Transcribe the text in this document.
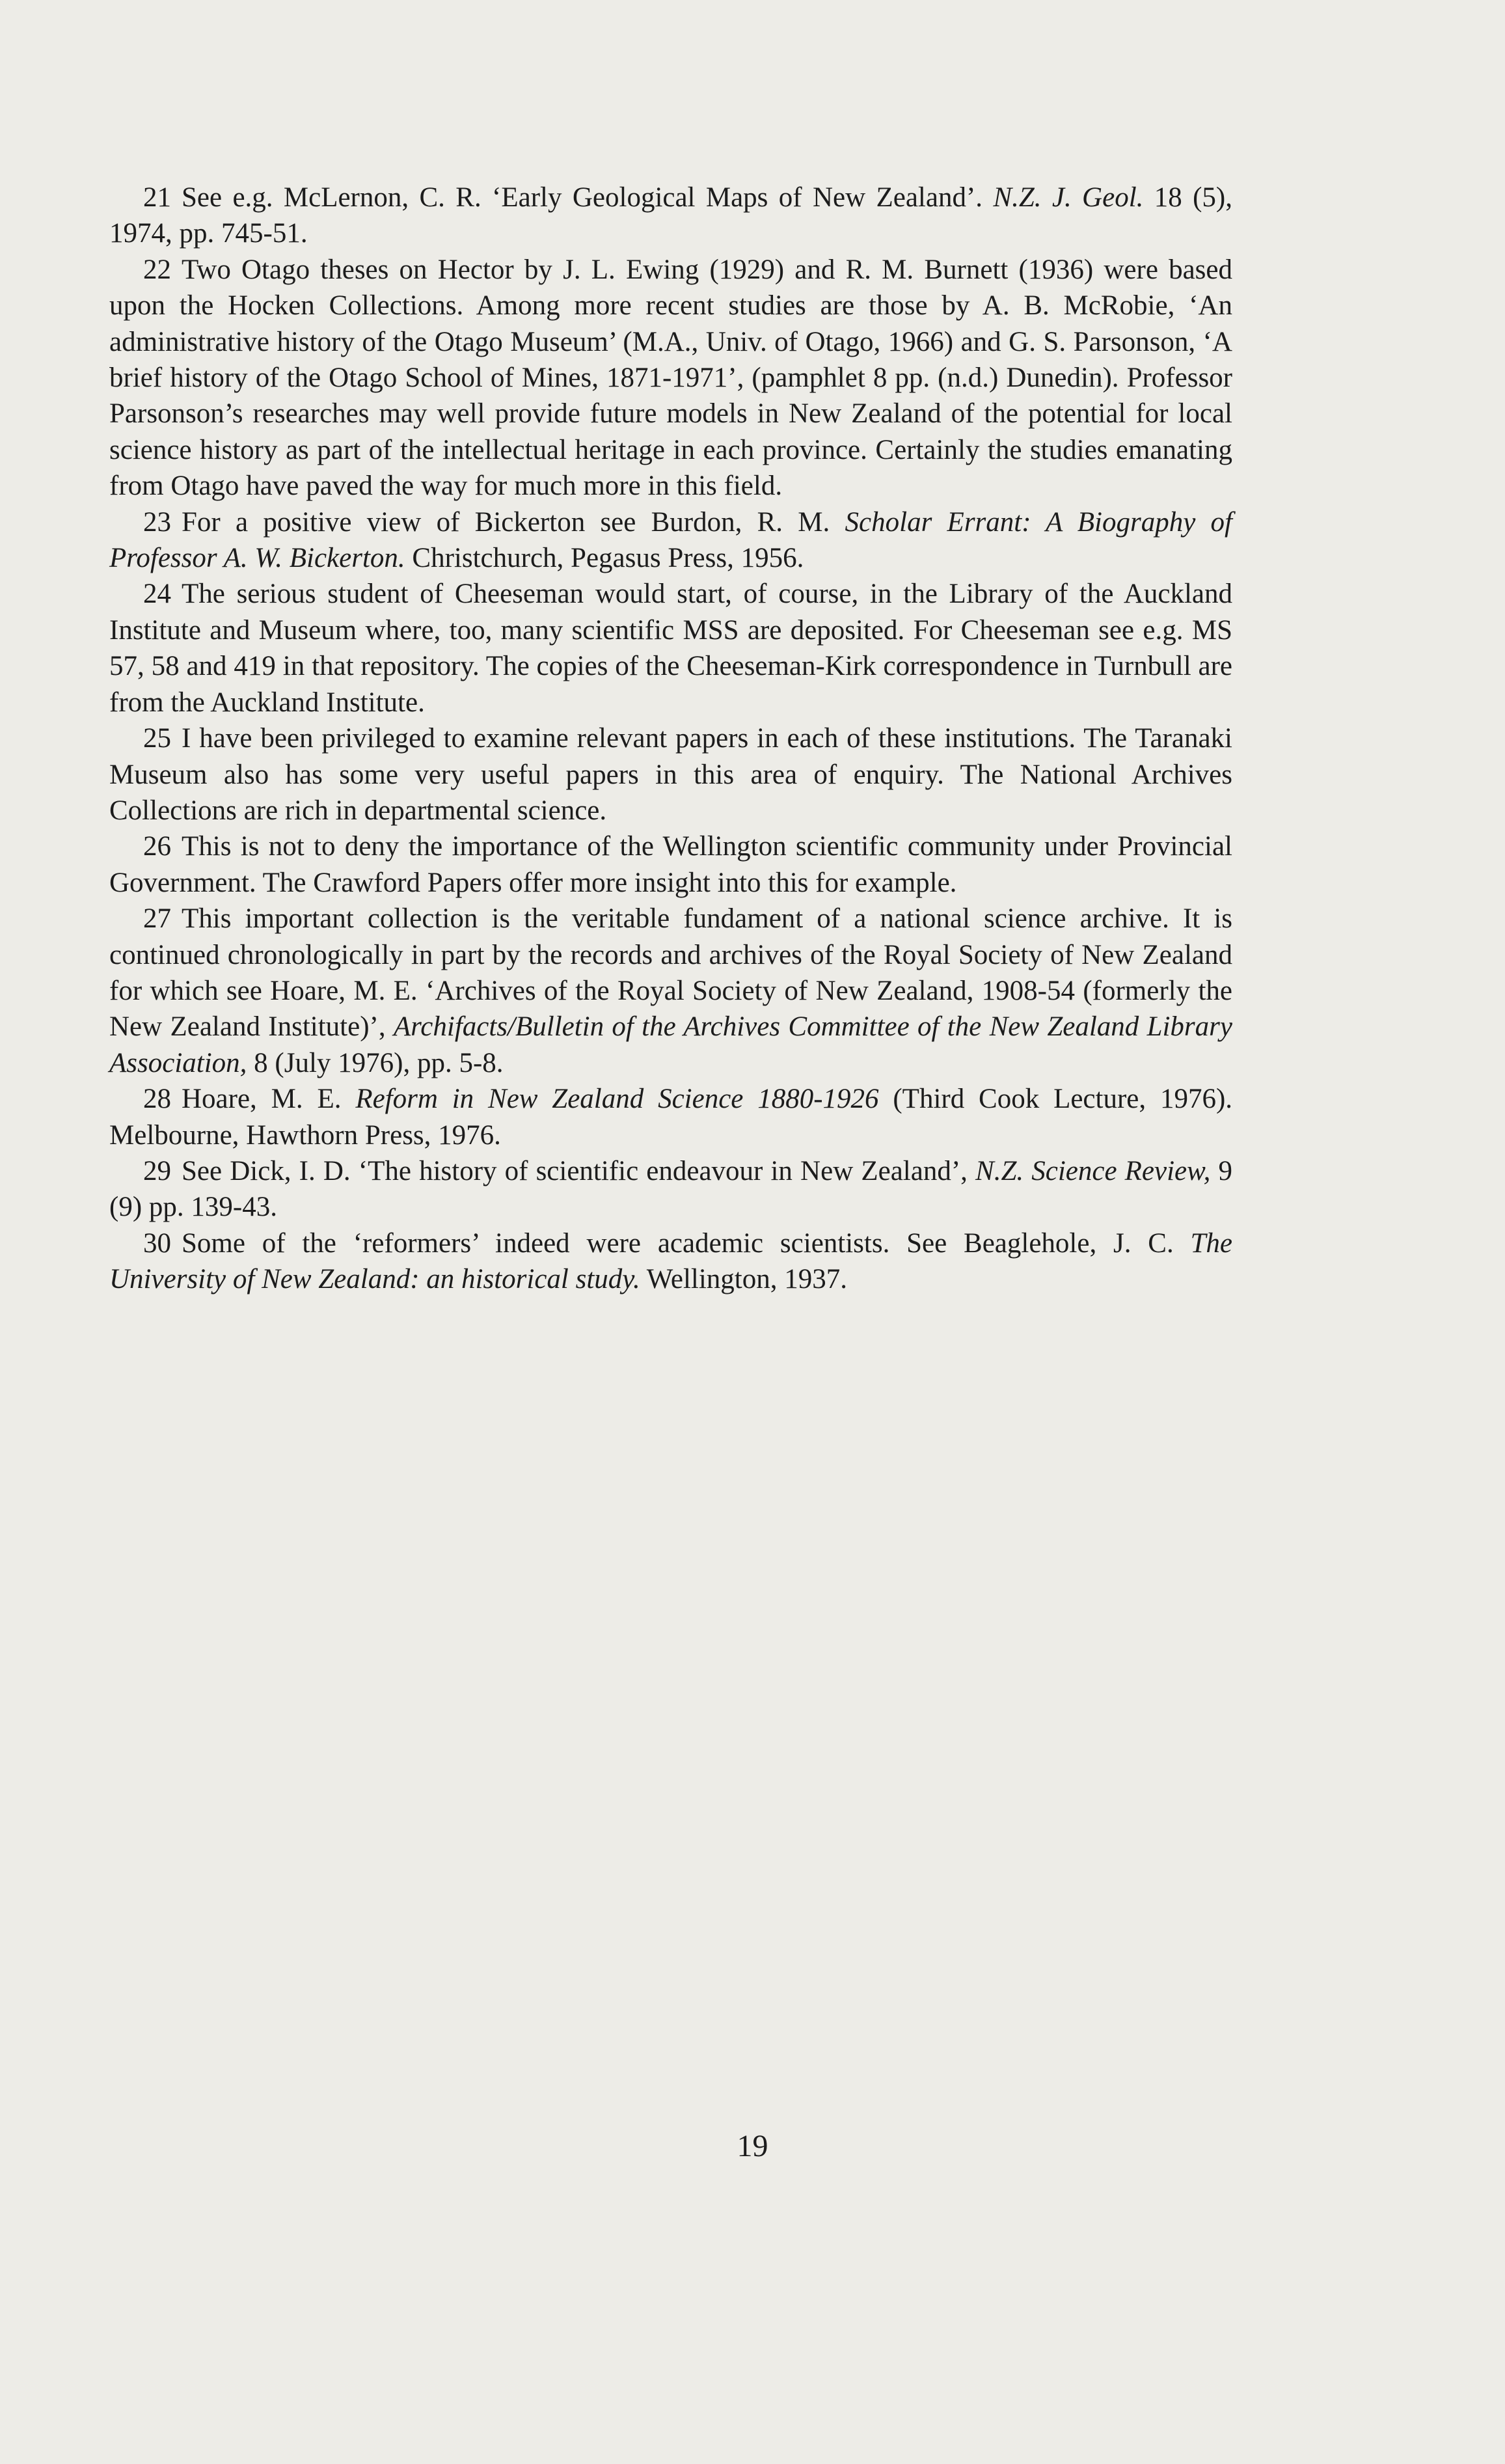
21 See e.g. McLernon, C. R. ‘Early Geological Maps of New Zealand’. N.Z. J. Geol. 18 (5), 1974, pp. 745-51.

22 Two Otago theses on Hector by J. L. Ewing (1929) and R. M. Burnett (1936) were based upon the Hocken Collections. Among more recent studies are those by A. B. McRobie, ‘An administrative history of the Otago Museum’ (M.A., Univ. of Otago, 1966) and G. S. Parsonson, ‘A brief history of the Otago School of Mines, 1871-1971’, (pamphlet 8 pp. (n.d.) Dunedin). Professor Parsonson’s researches may well provide future models in New Zealand of the potential for local science history as part of the intellectual heritage in each province. Certainly the studies emanating from Otago have paved the way for much more in this field.

23 For a positive view of Bickerton see Burdon, R. M. Scholar Errant: A Biography of Professor A. W. Bickerton. Christchurch, Pegasus Press, 1956.

24 The serious student of Cheeseman would start, of course, in the Library of the Auckland Institute and Museum where, too, many scientific MSS are deposited. For Cheeseman see e.g. MS 57, 58 and 419 in that repository. The copies of the Cheeseman-Kirk correspondence in Turnbull are from the Auckland Institute.

25 I have been privileged to examine relevant papers in each of these institutions. The Taranaki Museum also has some very useful papers in this area of enquiry. The National Archives Collections are rich in departmental science.

26 This is not to deny the importance of the Wellington scientific community under Provincial Government. The Crawford Papers offer more insight into this for example.

27 This important collection is the veritable fundament of a national science archive. It is continued chronologically in part by the records and archives of the Royal Society of New Zealand for which see Hoare, M. E. ‘Archives of the Royal Society of New Zealand, 1908-54 (formerly the New Zealand Institute)’, Archifacts/Bulletin of the Archives Committee of the New Zealand Library Association, 8 (July 1976), pp. 5-8.

28 Hoare, M. E. Reform in New Zealand Science 1880-1926 (Third Cook Lecture, 1976). Melbourne, Hawthorn Press, 1976.

29 See Dick, I. D. ‘The history of scientific endeavour in New Zealand’, N.Z. Science Review, 9 (9) pp. 139-43.

30 Some of the ‘reformers’ indeed were academic scientists. See Beaglehole, J. C. The University of New Zealand: an historical study. Wellington, 1937.

19
